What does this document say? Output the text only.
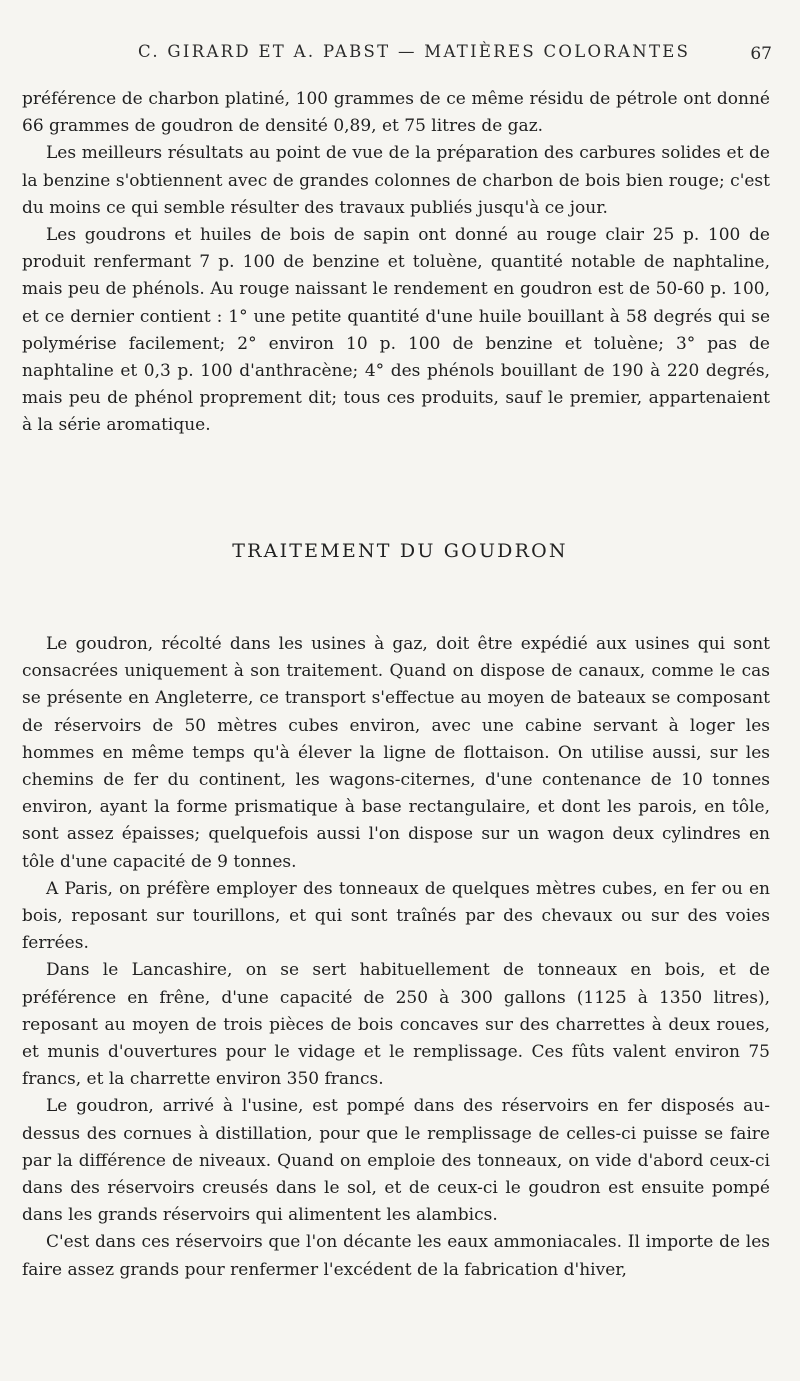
C. GIRARD ET A. PABST — MATIÈRES COLORANTES	67

préférence de charbon platiné, 100 grammes de ce même résidu de pétrole ont donné 66 grammes de goudron de densité 0,89, et 75 litres de gaz.

Les meilleurs résultats au point de vue de la préparation des carbures solides et de la benzine s'obtiennent avec de grandes colonnes de charbon de bois bien rouge; c'est du moins ce qui semble résulter des travaux publiés jusqu'à ce jour.

Les goudrons et huiles de bois de sapin ont donné au rouge clair 25 p. 100 de produit renfermant 7 p. 100 de benzine et toluène, quantité notable de naphtaline, mais peu de phénols. Au rouge naissant le rendement en goudron est de 50-60 p. 100, et ce dernier contient : 1° une petite quantité d'une huile bouillant à 58 degrés qui se polymérise facilement; 2° environ 10 p. 100 de benzine et toluène; 3° pas de naphtaline et 0,3 p. 100 d'anthracène; 4° des phénols bouillant de 190 à 220 degrés, mais peu de phénol proprement dit; tous ces produits, sauf le premier, appartenaient à la série aromatique.

TRAITEMENT DU GOUDRON

Le goudron, récolté dans les usines à gaz, doit être expédié aux usines qui sont consacrées uniquement à son traitement. Quand on dispose de canaux, comme le cas se présente en Angleterre, ce transport s'effectue au moyen de bateaux se composant de réservoirs de 50 mètres cubes environ, avec une cabine servant à loger les hommes en même temps qu'à élever la ligne de flottaison. On utilise aussi, sur les chemins de fer du continent, les wagons-citernes, d'une contenance de 10 tonnes environ, ayant la forme prismatique à base rectangulaire, et dont les parois, en tôle, sont assez épaisses; quelquefois aussi l'on dispose sur un wagon deux cylindres en tôle d'une capacité de 9 tonnes.

A Paris, on préfère employer des tonneaux de quelques mètres cubes, en fer ou en bois, reposant sur tourillons, et qui sont traînés par des chevaux ou sur des voies ferrées.

Dans le Lancashire, on se sert habituellement de tonneaux en bois, et de préférence en frêne, d'une capacité de 250 à 300 gallons (1125 à 1350 litres), reposant au moyen de trois pièces de bois concaves sur des charrettes à deux roues, et munis d'ouvertures pour le vidage et le remplissage. Ces fûts valent environ 75 francs, et la charrette environ 350 francs.

Le goudron, arrivé à l'usine, est pompé dans des réservoirs en fer disposés au-dessus des cornues à distillation, pour que le remplissage de celles-ci puisse se faire par la différence de niveaux. Quand on emploie des tonneaux, on vide d'abord ceux-ci dans des réservoirs creusés dans le sol, et de ceux-ci le goudron est ensuite pompé dans les grands réservoirs qui alimentent les alambics.

C'est dans ces réservoirs que l'on décante les eaux ammoniacales. Il importe de les faire assez grands pour renfermer l'excédent de la fabrication d'hiver,
